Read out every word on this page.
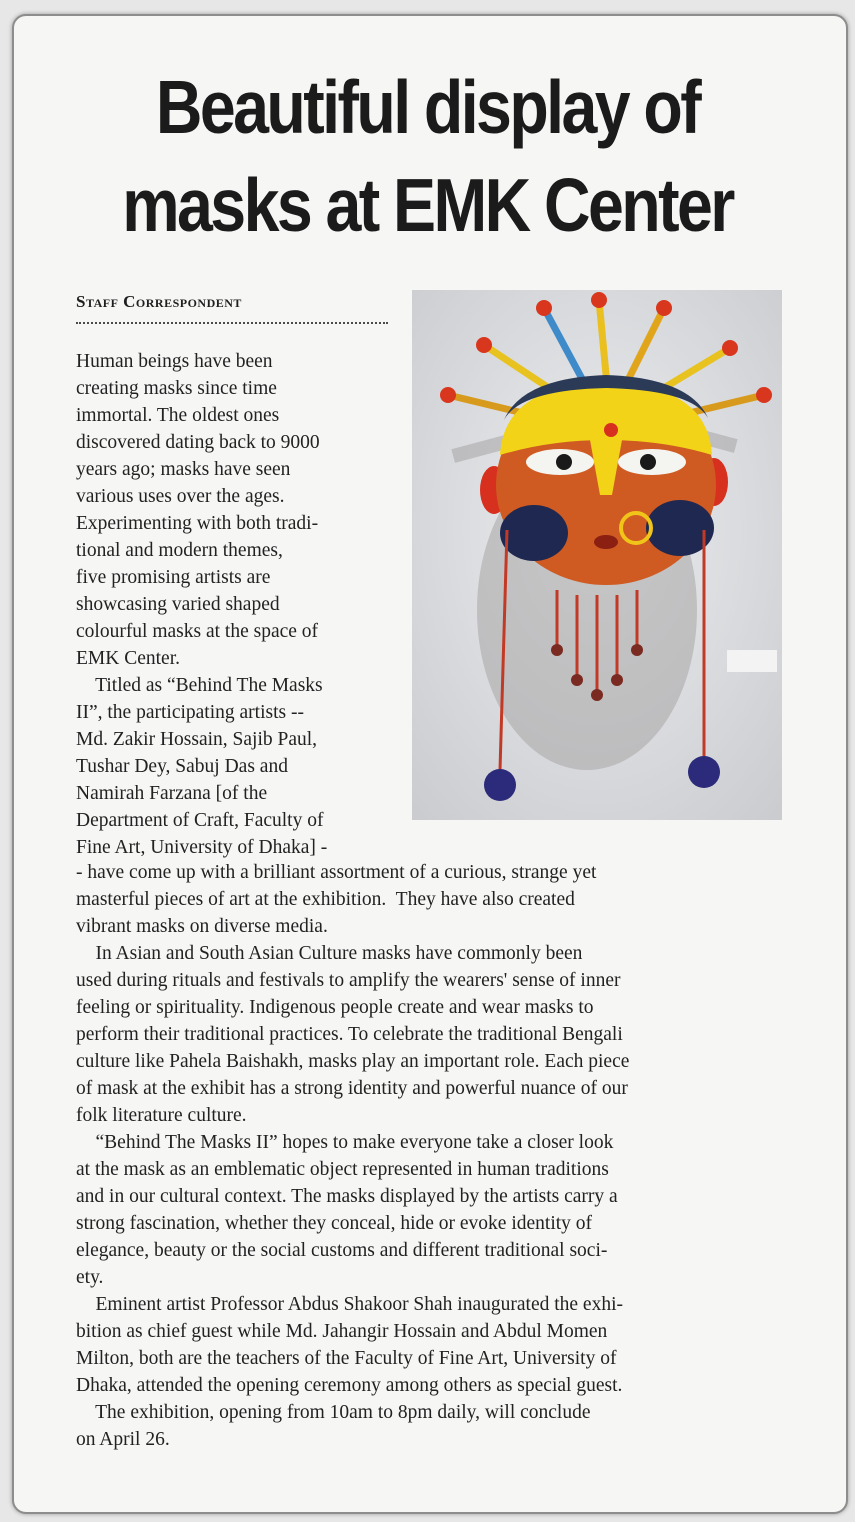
Beautiful display of
masks at EMK Center
Staff Correspondent
Human beings have been
creating masks since time
immortal. The oldest ones
discovered dating back to 9000
years ago; masks have seen
various uses over the ages.
Experimenting with both tradi-
tional and modern themes,
five promising artists are
showcasing varied shaped
colourful masks at the space of
EMK Center.
Titled as “Behind The Masks
II”, the participating artists --
Md. Zakir Hossain, Sajib Paul,
Tushar Dey, Sabuj Das and
Namirah Farzana [of the
Department of Craft, Faculty of
Fine Art, University of Dhaka] -
- have come up with a brilliant assortment of a curious, strange yet
masterful pieces of art at the exhibition.  They have also created
vibrant masks on diverse media.
In Asian and South Asian Culture masks have commonly been
used during rituals and festivals to amplify the wearers' sense of inner
feeling or spirituality. Indigenous people create and wear masks to
perform their traditional practices. To celebrate the traditional Bengali
culture like Pahela Baishakh, masks play an important role. Each piece
of mask at the exhibit has a strong identity and powerful nuance of our
folk literature culture.
“Behind The Masks II” hopes to make everyone take a closer look
at the mask as an emblematic object represented in human traditions
and in our cultural context. The masks displayed by the artists carry a
strong fascination, whether they conceal, hide or evoke identity of
elegance, beauty or the social customs and different traditional soci-
ety.
Eminent artist Professor Abdus Shakoor Shah inaugurated the exhi-
bition as chief guest while Md. Jahangir Hossain and Abdul Momen
Milton, both are the teachers of the Faculty of Fine Art, University of
Dhaka, attended the opening ceremony among others as special guest.
The exhibition, opening from 10am to 8pm daily, will conclude
on April 26.
